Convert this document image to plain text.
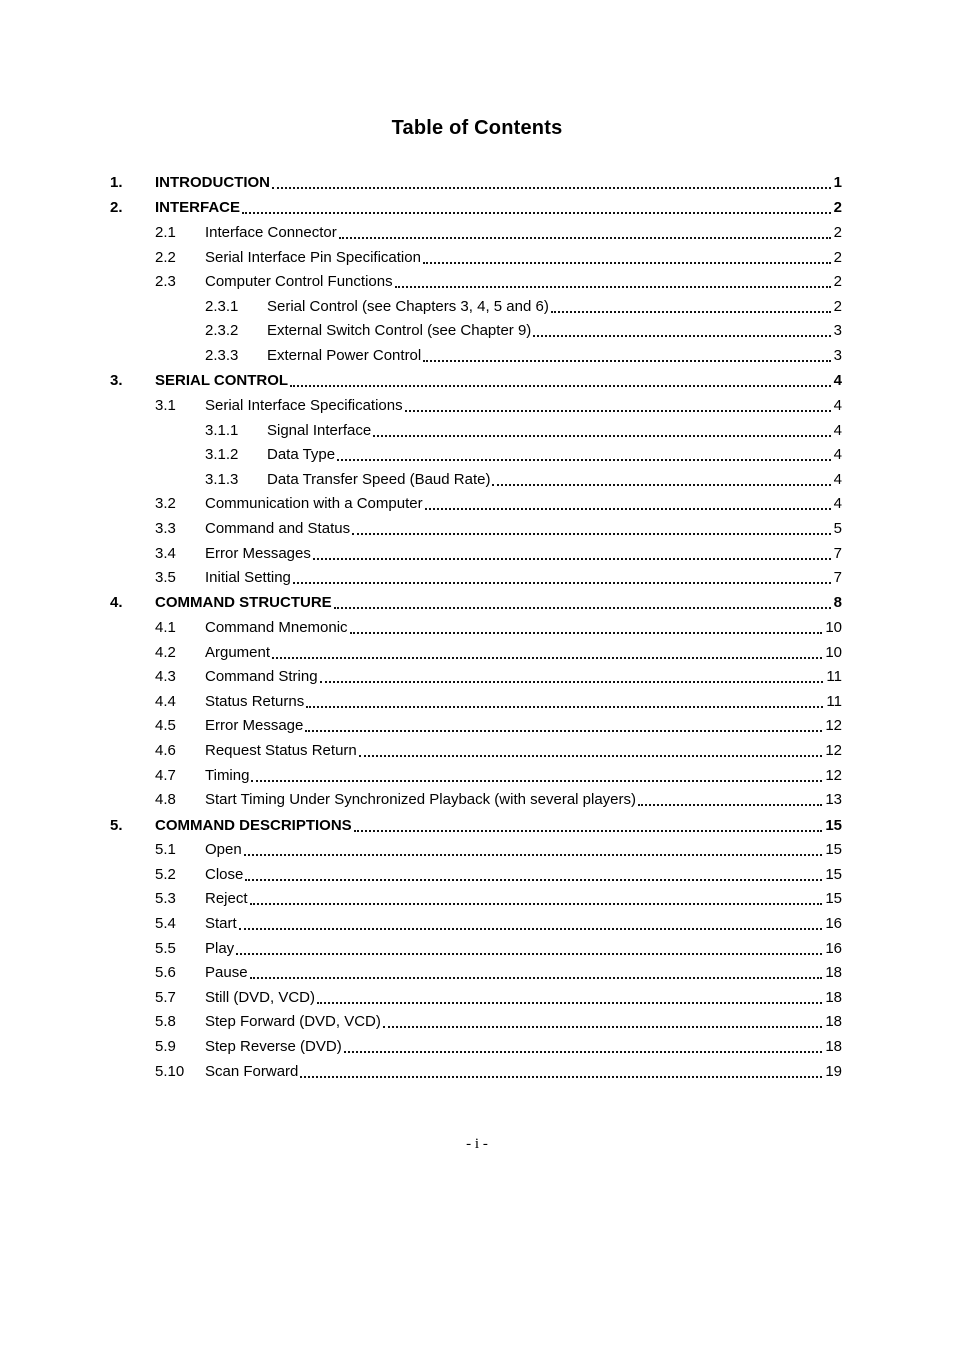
Table of Contents
1.	INTRODUCTION	1
2.	INTERFACE	2
2.1	Interface Connector	2
2.2	Serial Interface Pin Specification	2
2.3	Computer Control Functions	2
2.3.1	Serial Control (see Chapters 3, 4, 5 and 6)	2
2.3.2	External Switch Control (see Chapter 9)	3
2.3.3	External Power Control	3
3.	SERIAL CONTROL	4
3.1	Serial Interface Specifications	4
3.1.1	Signal Interface	4
3.1.2	Data Type	4
3.1.3	Data Transfer Speed (Baud Rate)	4
3.2	Communication with a Computer	4
3.3	Command and Status	5
3.4	Error Messages	7
3.5	Initial Setting	7
4.	COMMAND STRUCTURE	8
4.1	Command Mnemonic	10
4.2	Argument	10
4.3	Command String	11
4.4	Status Returns	11
4.5	Error Message	12
4.6	Request Status Return	12
4.7	Timing	12
4.8	Start Timing Under Synchronized Playback (with several players)	13
5.	COMMAND DESCRIPTIONS	15
5.1	Open	15
5.2	Close	15
5.3	Reject	15
5.4	Start	16
5.5	Play	16
5.6	Pause	18
5.7	Still (DVD, VCD)	18
5.8	Step Forward (DVD, VCD)	18
5.9	Step Reverse (DVD)	18
5.10	Scan Forward	19
- i -
